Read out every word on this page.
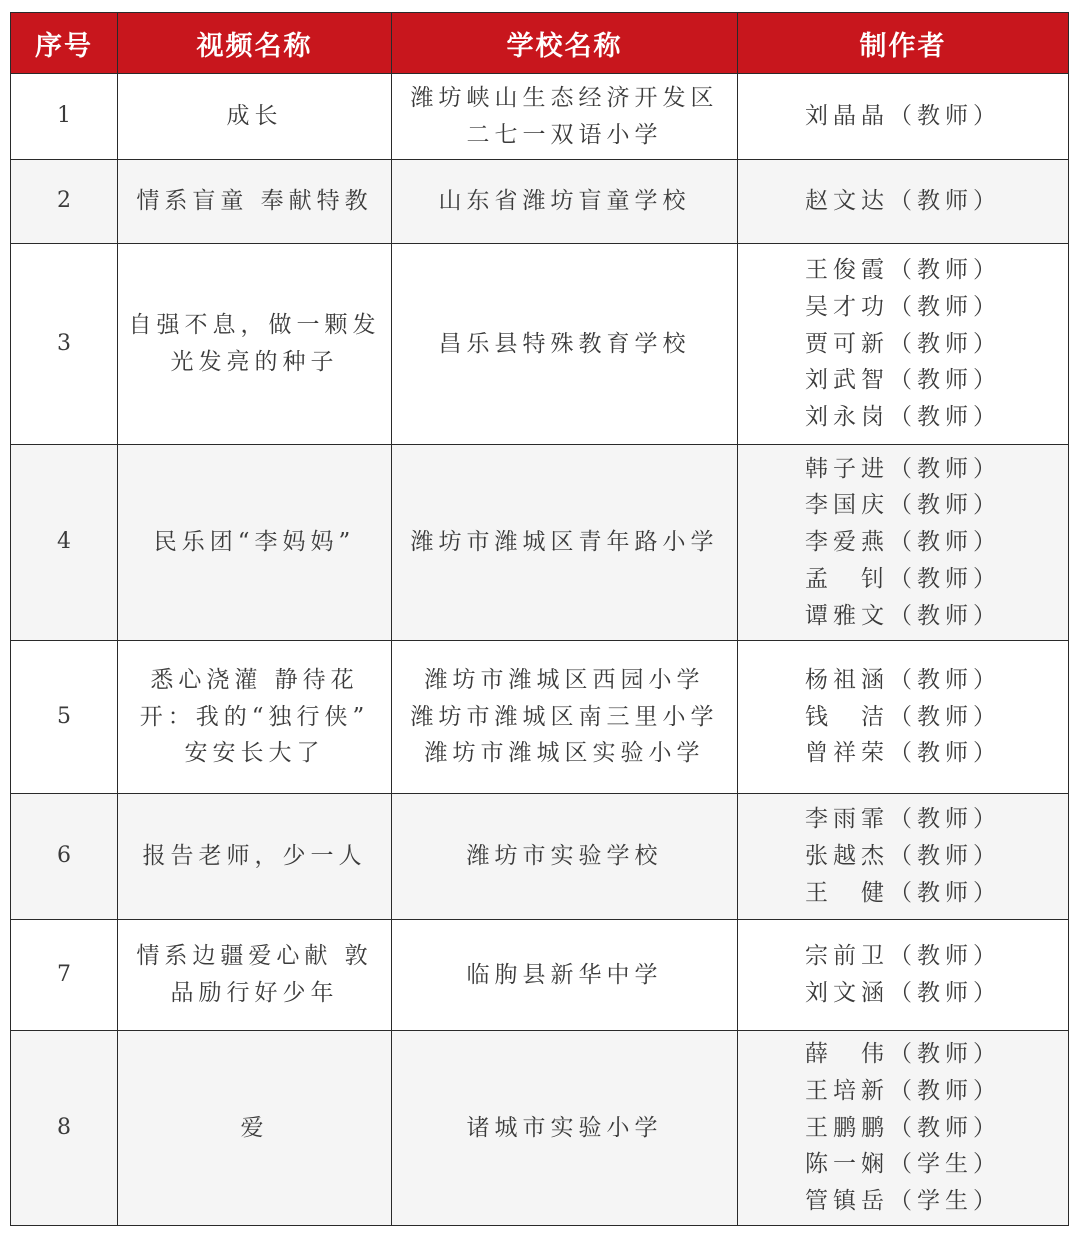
序号	视频名称	学校名称	制作者
1	成长	潍坊峡山生态经济开发区
二七一双语小学	刘晶晶（教师）

2	情系盲童 奉献特教	山东省潍坊盲童学校	赵文达（教师）

3	自强不息，做一颗发
光发亮的种子	昌乐县特殊教育学校	王俊霞（教师）
吴才功（教师）
贾可新（教师）
刘武智（教师）
刘永岗（教师）

4	民乐团“李妈妈”	潍坊市潍城区青年路小学	韩子进（教师）
李国庆（教师）
李爱燕（教师）
孟　钊（教师）
谭雅文（教师）

5	悉心浇灌 静待花
开：我的“独行侠”
安安长大了	潍坊市潍城区西园小学
潍坊市潍城区南三里小学
潍坊市潍城区实验小学	杨祖涵（教师）
钱　洁（教师）
曾祥荣（教师）

6	报告老师，少一人	潍坊市实验学校	李雨霏（教师）
张越杰（教师）
王　健（教师）

7	情系边疆爱心献 敦
品励行好少年	临朐县新华中学	宗前卫（教师）
刘文涵（教师）

8	爱	诸城市实验小学	薛　伟（教师）
王培新（教师）
王鹏鹏（教师）
陈一娴（学生）
管镇岳（学生）
